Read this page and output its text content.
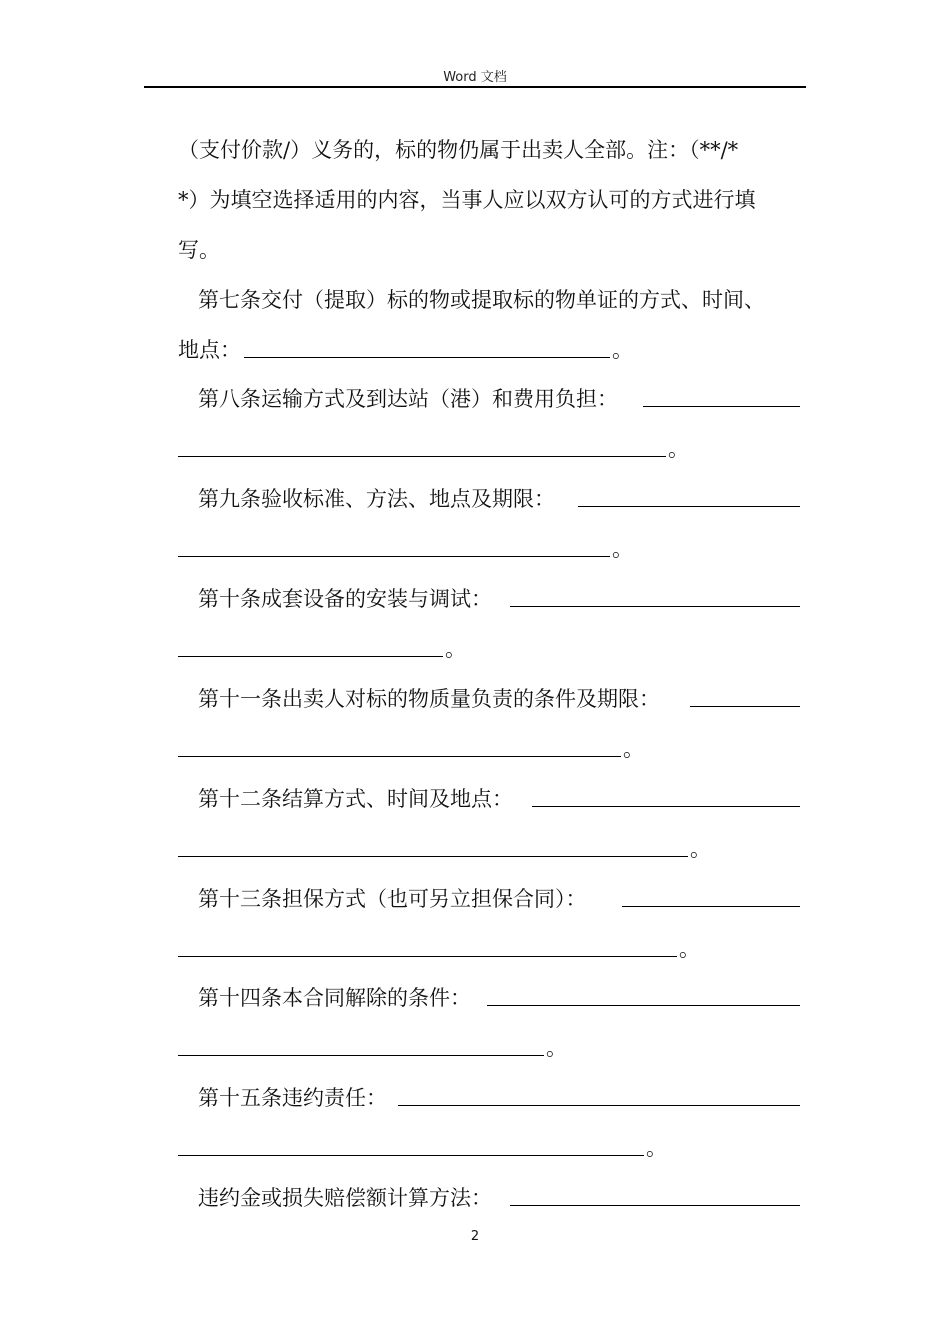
Word 文档
（支付价款/）义务的，标的物仍属于出卖人全部。注：（**/*
*）为填空选择适用的内容，当事人应以双方认可的方式进行填
写。
第七条交付（提取）标的物或提取标的物单证的方式、时间、
地点：	。
第八条运输方式及到达站（港）和费用负担：
。
第九条验收标准、方法、地点及期限：
。
第十条成套设备的安装与调试：
。
第十一条出卖人对标的物质量负责的条件及期限：
。
第十二条结算方式、时间及地点：
。
第十三条担保方式（也可另立担保合同）：
。
第十四条本合同解除的条件：
。
第十五条违约责任：
。
违约金或损失赔偿额计算方法：
2
